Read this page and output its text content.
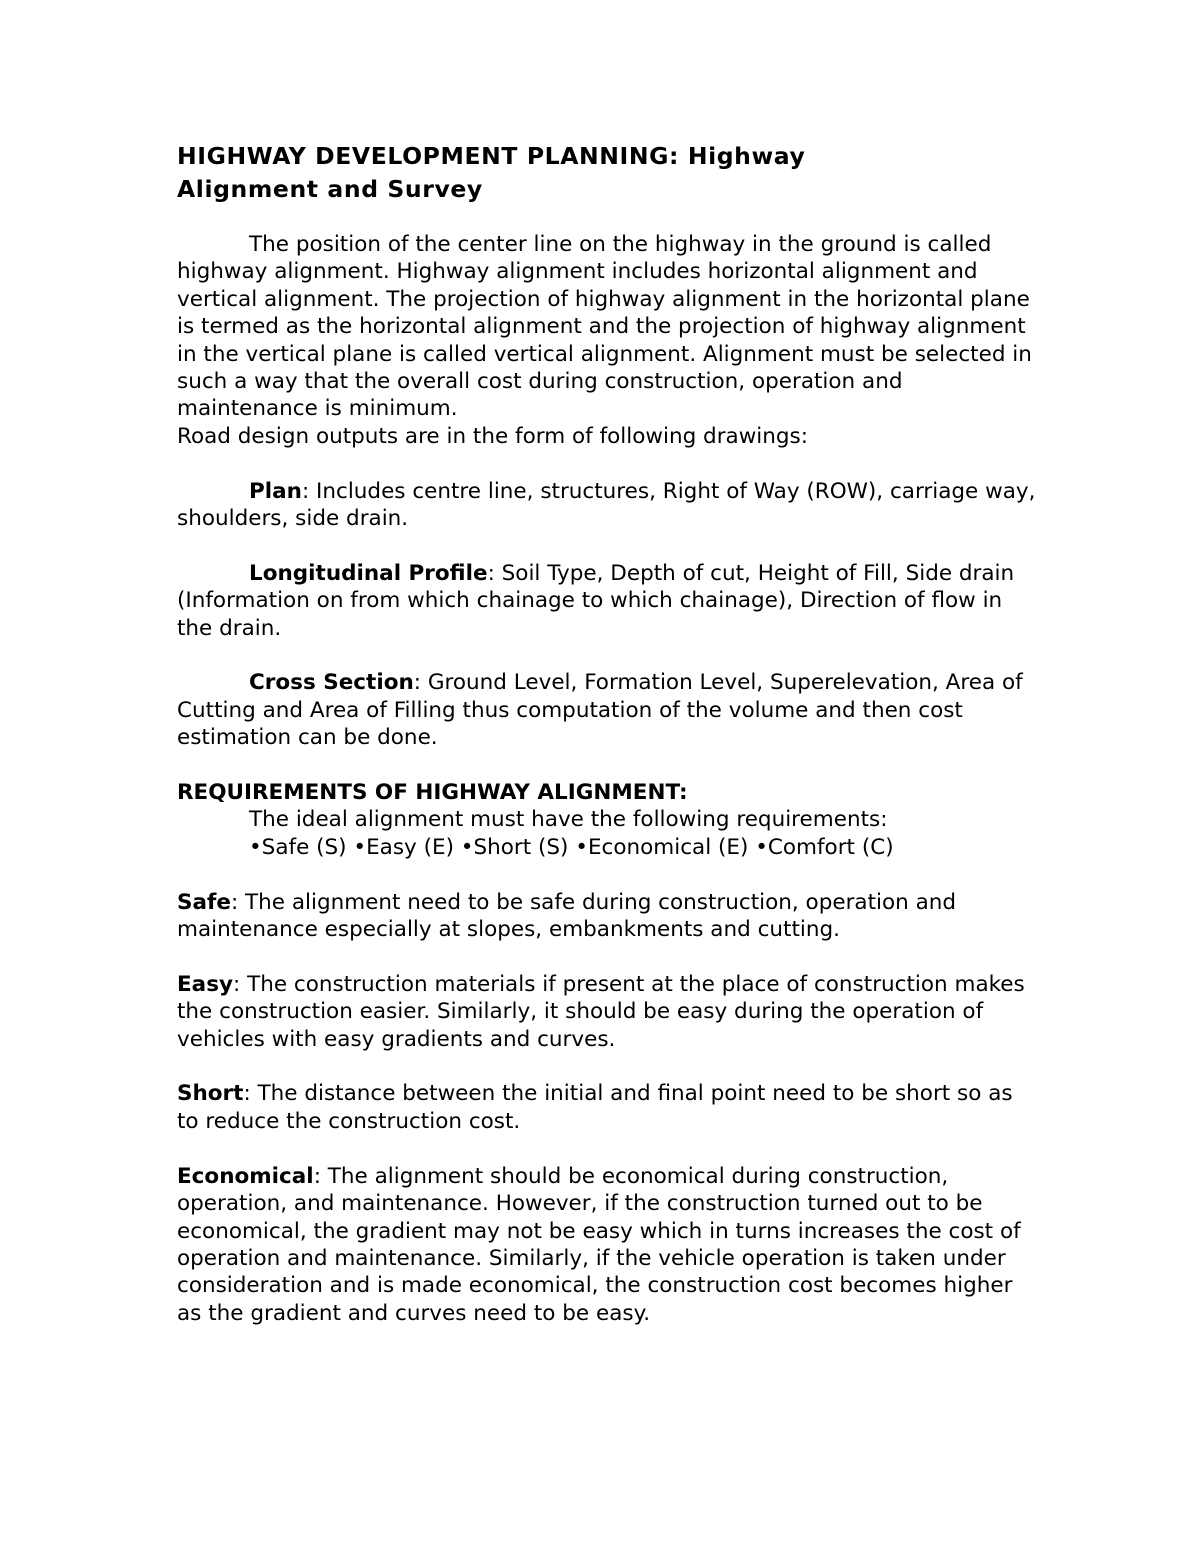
HIGHWAY DEVELOPMENT PLANNING: Highway
Alignment and Survey

The position of the center line on the highway in the ground is called highway alignment. Highway alignment includes horizontal alignment and vertical alignment. The projection of highway alignment in the horizontal plane is termed as the horizontal alignment and the projection of highway alignment in the vertical plane is called vertical alignment. Alignment must be selected in such a way that the overall cost during construction, operation and maintenance is minimum.
Road design outputs are in the form of following drawings:

Plan: Includes centre line, structures, Right of Way (ROW), carriage way, shoulders, side drain.

Longitudinal Profile: Soil Type, Depth of cut, Height of Fill, Side drain (Information on from which chainage to which chainage), Direction of flow in the drain.

Cross Section: Ground Level, Formation Level, Superelevation, Area of Cutting and Area of Filling thus computation of the volume and then cost estimation can be done.

REQUIREMENTS OF HIGHWAY ALIGNMENT:

The ideal alignment must have the following requirements:

•Safe (S) •Easy (E) •Short (S) •Economical (E) •Comfort (C)

Safe: The alignment need to be safe during construction, operation and maintenance especially at slopes, embankments and cutting.

Easy: The construction materials if present at the place of construction makes the construction easier. Similarly, it should be easy during the operation of vehicles with easy gradients and curves.

Short: The distance between the initial and final point need to be short so as to reduce the construction cost.

Economical: The alignment should be economical during construction, operation, and maintenance. However, if the construction turned out to be economical, the gradient may not be easy which in turns increases the cost of operation and maintenance. Similarly, if the vehicle operation is taken under consideration and is made economical, the construction cost becomes higher as the gradient and curves need to be easy.
